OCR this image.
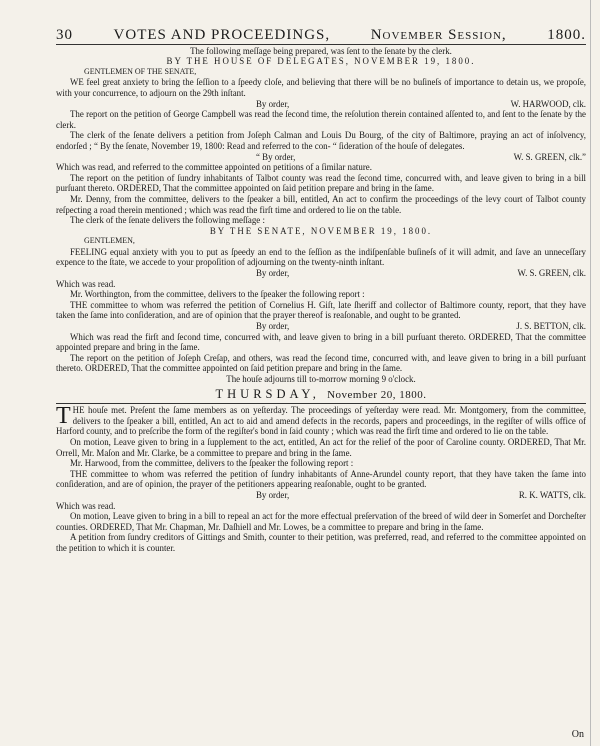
30	VOTES AND PROCEEDINGS,	November Session,	1800.

The following meſſage being prepared, was ſent to the ſenate by the clerk.

BY THE HOUSE OF DELEGATES, NOVEMBER 19, 1800.

GENTLEMEN OF THE SENATE,

WE feel great anxiety to bring the ſeſſion to a ſpeedy cloſe, and believing that there will be no buſineſs of importance to detain us, we propoſe, with your concurrence, to adjourn on the 29th inſtant.

By order,	W. HARWOOD, clk.

The report on the petition of George Campbell was read the ſecond time, the reſolution therein contained aſſented to, and ſent to the ſenate by the clerk.

The clerk of the ſenate delivers a petition from Joſeph Calman and Louis Du Bourg, of the city of Baltimore, praying an act of inſolvency, endorſed ; “ By the ſenate, November 19, 1800: Read and referred to the con- “ ſideration of the houſe of delegates.

“ By order,	W. S. GREEN, clk.”

Which was read, and referred to the committee appointed on petitions of a ſimilar nature.

The report on the petition of ſundry inhabitants of Talbot county was read the ſecond time, concurred with, and leave given to bring in a bill purſuant thereto. ORDERED, That the committee appointed on ſaid petition prepare and bring in the ſame.

Mr. Denny, from the committee, delivers to the ſpeaker a bill, entitled, An act to confirm the proceedings of the levy court of Talbot county reſpecting a road therein mentioned ; which was read the firſt time and ordered to lie on the table.

The clerk of the ſenate delivers the following meſſage :

BY THE SENATE, NOVEMBER 19, 1800.

GENTLEMEN,

FEELING equal anxiety with you to put as ſpeedy an end to the ſeſſion as the indiſpenſable buſineſs of it will admit, and ſave an unneceſſary expence to the ſtate, we accede to your propoſition of adjourning on the twenty-ninth inſtant.

By order,	W. S. GREEN, clk.

Which was read.

Mr. Worthington, from the committee, delivers to the ſpeaker the following report :

THE committee to whom was referred the petition of Cornelius H. Giſt, late ſheriff and collector of Baltimore county, report, that they have taken the ſame into conſideration, and are of opinion that the prayer thereof is reaſonable, and ought to be granted.

By order,	J. S. BETTON, clk.

Which was read the firſt and ſecond time, concurred with, and leave given to bring in a bill purſuant thereto. ORDERED, That the committee appointed prepare and bring in the ſame.

The report on the petition of Joſeph Creſap, and others, was read the ſecond time, concurred with, and leave given to bring in a bill purſuant thereto. ORDERED, That the committee appointed on ſaid petition prepare and bring in the ſame.

The houſe adjourns till to-morrow morning 9 o'clock.

THURSDAY, November 20, 1800.

THE houſe met. Preſent the ſame members as on yeſterday. The proceedings of yeſterday were read. Mr. Montgomery, from the committee, delivers to the ſpeaker a bill, entitled, An act to aid and amend defects in the records, papers and proceedings, in the regiſter of wills office of Harford county, and to preſcribe the form of the regiſter's bond in ſaid county ; which was read the firſt time and ordered to lie on the table.

On motion, Leave given to bring in a ſupplement to the act, entitled, An act for the relief of the poor of Caroline county. ORDERED, That Mr. Orrell, Mr. Maſon and Mr. Clarke, be a committee to prepare and bring in the ſame.

Mr. Harwood, from the committee, delivers to the ſpeaker the following report :

THE committee to whom was referred the petition of ſundry inhabitants of Anne-Arundel county report, that they have taken the ſame into conſideration, and are of opinion, the prayer of the petitioners appearing reaſonable, ought to be granted.

By order,	R. K. WATTS, clk.

Which was read.

On motion, Leave given to bring in a bill to repeal an act for the more effectual preſervation of the breed of wild deer in Somerſet and Dorcheſter counties. ORDERED, That Mr. Chapman, Mr. Daſhiell and Mr. Lowes, be a committee to prepare and bring in the ſame.

A petition from ſundry creditors of Gittings and Smith, counter to their petition, was preferred, read, and referred to the committee appointed on the petition to which it is counter.

On
